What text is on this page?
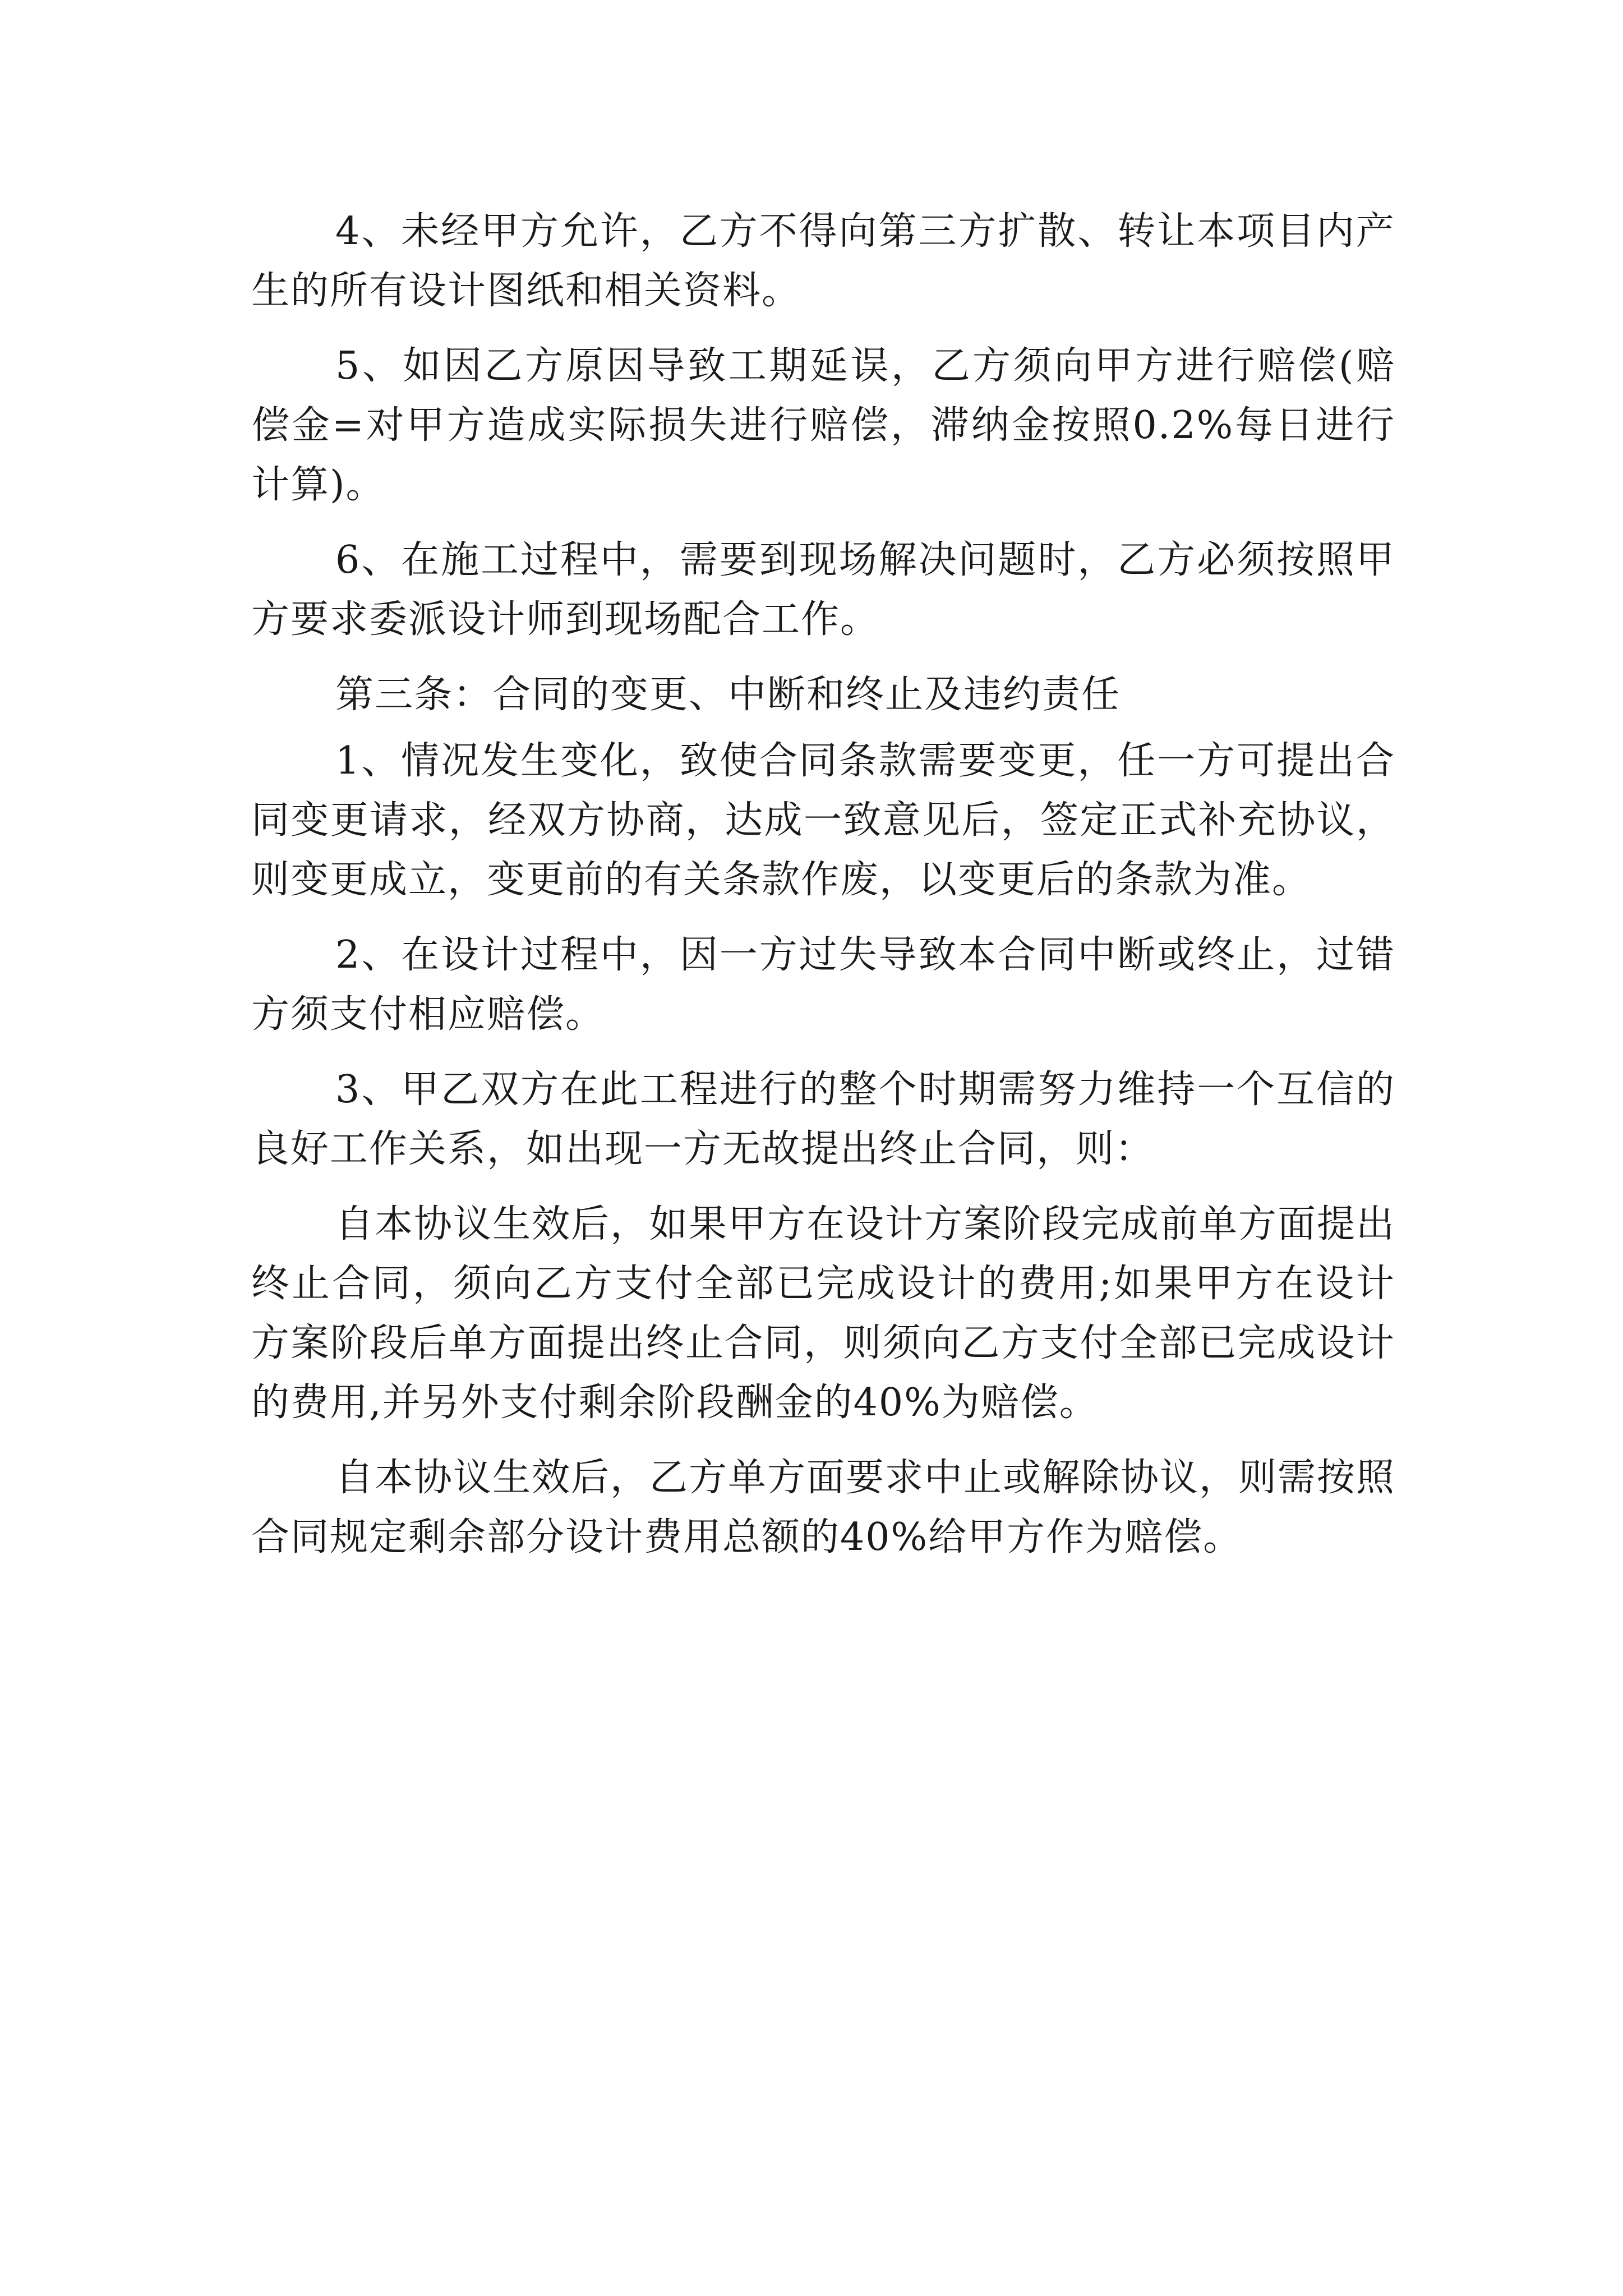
4、未经甲方允许，乙方不得向第三方扩散、转让本项目内产生的所有设计图纸和相关资料。

5、如因乙方原因导致工期延误，乙方须向甲方进行赔偿(赔偿金=对甲方造成实际损失进行赔偿，滞纳金按照0.2%每日进行计算)。

6、在施工过程中，需要到现场解决问题时，乙方必须按照甲方要求委派设计师到现场配合工作。

第三条：合同的变更、中断和终止及违约责任

1、情况发生变化，致使合同条款需要变更，任一方可提出合同变更请求，经双方协商，达成一致意见后，签定正式补充协议，则变更成立，变更前的有关条款作废，以变更后的条款为准。

2、在设计过程中，因一方过失导致本合同中断或终止，过错方须支付相应赔偿。

3、甲乙双方在此工程进行的整个时期需努力维持一个互信的良好工作关系，如出现一方无故提出终止合同，则：

自本协议生效后，如果甲方在设计方案阶段完成前单方面提出终止合同，须向乙方支付全部已完成设计的费用;如果甲方在设计方案阶段后单方面提出终止合同，则须向乙方支付全部已完成设计的费用,并另外支付剩余阶段酬金的40%为赔偿。

自本协议生效后，乙方单方面要求中止或解除协议，则需按照合同规定剩余部分设计费用总额的40%给甲方作为赔偿。
